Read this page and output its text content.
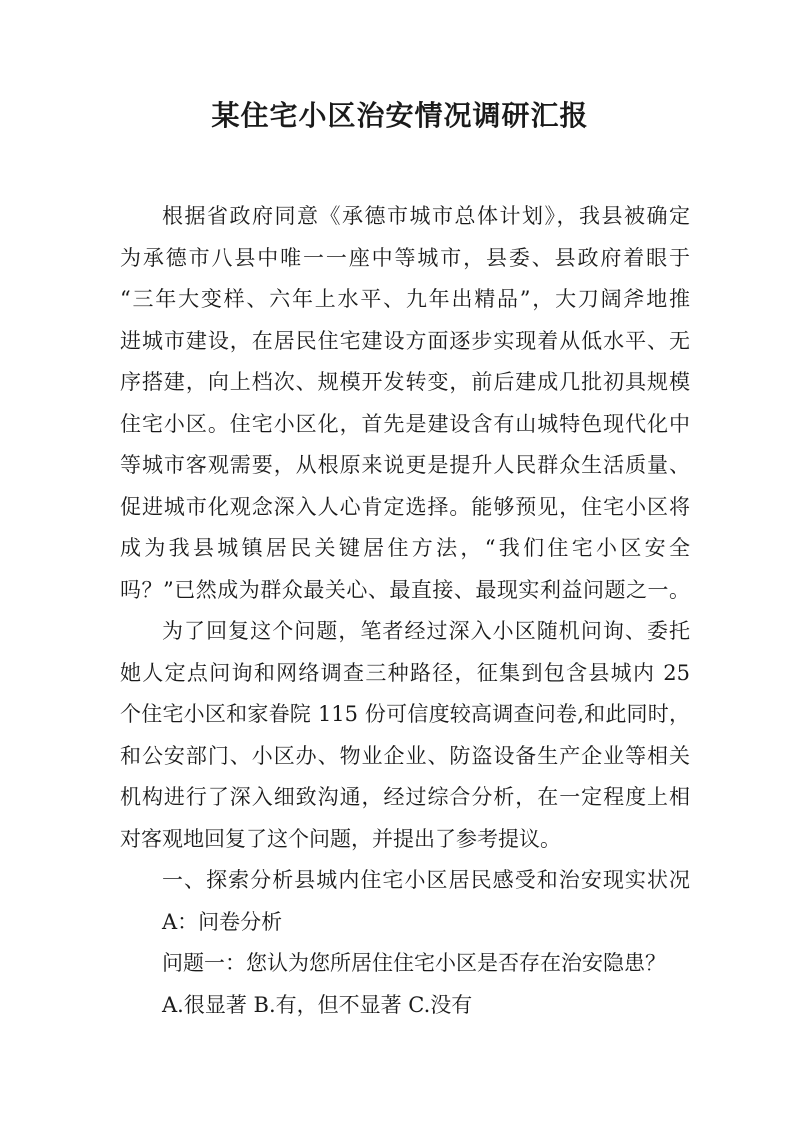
某住宅小区治安情况调研汇报
根据省政府同意《承德市城市总体计划》，我县被确定
为承德市八县中唯一一座中等城市，县委、县政府着眼于
“三年大变样、六年上水平、九年出精品”，大刀阔斧地推
进城市建设，在居民住宅建设方面逐步实现着从低水平、无
序搭建，向上档次、规模开发转变，前后建成几批初具规模
住宅小区。住宅小区化，首先是建设含有山城特色现代化中
等城市客观需要，从根原来说更是提升人民群众生活质量、
促进城市化观念深入人心肯定选择。能够预见，住宅小区将
成为我县城镇居民关键居住方法，“我们住宅小区安全
吗？”已然成为群众最关心、最直接、最现实利益问题之一。
为了回复这个问题，笔者经过深入小区随机问询、委托
她人定点问询和网络调查三种路径，征集到包含县城内 25
个住宅小区和家眷院 115 份可信度较高调查问卷,和此同时，
和公安部门、小区办、物业企业、防盗设备生产企业等相关
机构进行了深入细致沟通，经过综合分析，在一定程度上相
对客观地回复了这个问题，并提出了参考提议。
一、探索分析县城内住宅小区居民感受和治安现实状况
A：问卷分析
问题一：您认为您所居住住宅小区是否存在治安隐患？
A.很显著 B.有，但不显著 C.没有
